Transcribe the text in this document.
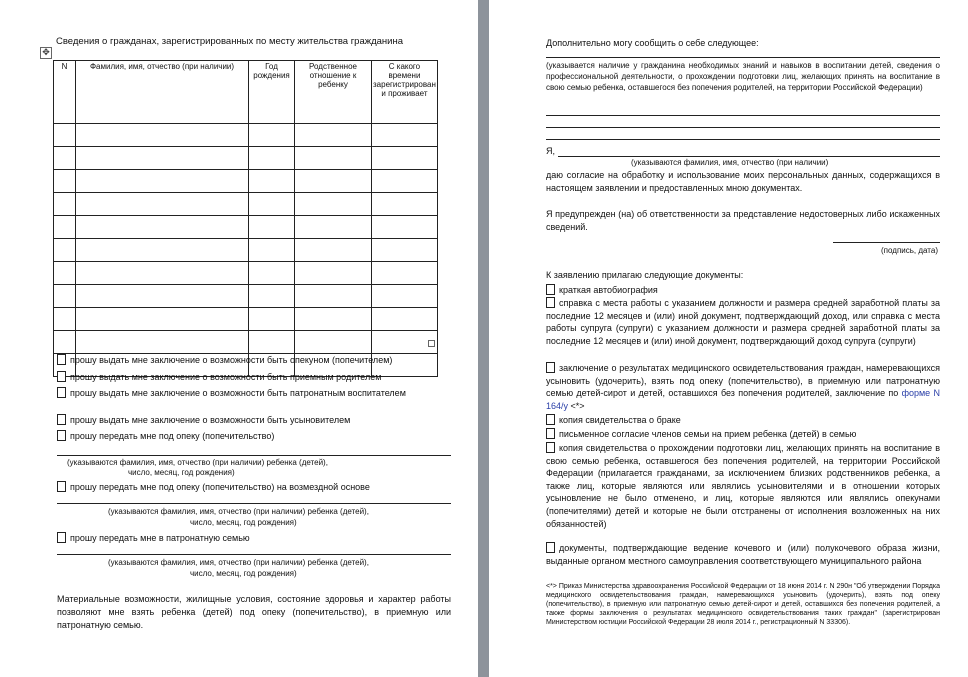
Сведения о гражданах, зарегистрированных по месту жительства гражданина
✥
N	Фамилия, имя, отчество (при наличии)	Год рождения	Родственное отношение к ребенку	С какого времени зарегистрирован и проживает

прошу выдать мне заключение о возможности быть опекуном (попечителем)
прошу выдать мне заключение о возможности быть приемным родителем
прошу выдать мне заключение о возможности быть патронатным воспитателем
прошу выдать мне заключение о возможности быть усыновителем
прошу передать мне под опеку (попечительство)
(указываются фамилия, имя, отчество (при наличии) ребенка (детей),
число, месяц, год рождения)
прошу передать мне под опеку (попечительство) на возмездной основе
(указываются фамилия, имя, отчество (при наличии) ребенка (детей),
число, месяц, год рождения)
прошу передать мне в патронатную семью
(указываются фамилия, имя, отчество (при наличии) ребенка (детей),
число, месяц, год рождения)
Материальные возможности, жилищные условия, состояние здоровья и характер работы позволяют мне взять ребенка (детей) под опеку (попечительство), в приемную или патронатную семью.
Дополнительно могу сообщить о себе следующее:
(указывается наличие у гражданина необходимых знаний и навыков в воспитании детей, сведения о профессиональной деятельности, о прохождении подготовки лиц, желающих принять на воспитание в свою семью ребенка, оставшегося без попечения родителей, на территории Российской Федерации)
Я,
(указываются фамилия, имя, отчество (при наличии)
даю согласие на обработку и использование моих персональных данных, содержащихся в настоящем заявлении и предоставленных мною документах.
Я предупрежден (на) об ответственности за представление недостоверных либо искаженных сведений.
(подпись, дата)
К заявлению прилагаю следующие документы:
краткая автобиография
справка с места работы с указанием должности и размера средней заработной платы за последние 12 месяцев и (или) иной документ, подтверждающий доход, или справка с места работы супруга (супруги) с указанием должности и размера средней заработной платы за последние 12 месяцев и (или) иной документ, подтверждающий доход супруга (супруги)
заключение о результатах медицинского освидетельствования граждан, намеревающихся усыновить (удочерить), взять под опеку (попечительство), в приемную или патронатную семью детей-сирот и детей, оставшихся без попечения родителей, заключение по форме N 164/у <*>
копия свидетельства о браке
письменное согласие членов семьи на прием ребенка (детей) в семью
копия свидетельства о прохождении подготовки лиц, желающих принять на воспитание в свою семью ребенка, оставшегося без попечения родителей, на территории Российской Федерации (прилагается гражданами, за исключением близких родственников ребенка, а также лиц, которые являются или являлись усыновителями и в отношении которых усыновление не было отменено, и лиц, которые являются или являлись опекунами (попечителями) детей и которые не были отстранены от исполнения возложенных на них обязанностей)
документы, подтверждающие ведение кочевого и (или) полукочевого образа жизни, выданные органом местного самоуправления соответствующего муниципального района
<*> Приказ Министерства здравоохранения Российской Федерации от 18 июня 2014 г. N 290н "Об утверждении Порядка медицинского освидетельствования граждан, намеревающихся усыновить (удочерить), взять под опеку (попечительство), в приемную или патронатную семью детей-сирот и детей, оставшихся без попечения родителей, а также формы заключения о результатах медицинского освидетельствования таких граждан" (зарегистрирован Министерством юстиции Российской Федерации 28 июля 2014 г., регистрационный N 33306).
